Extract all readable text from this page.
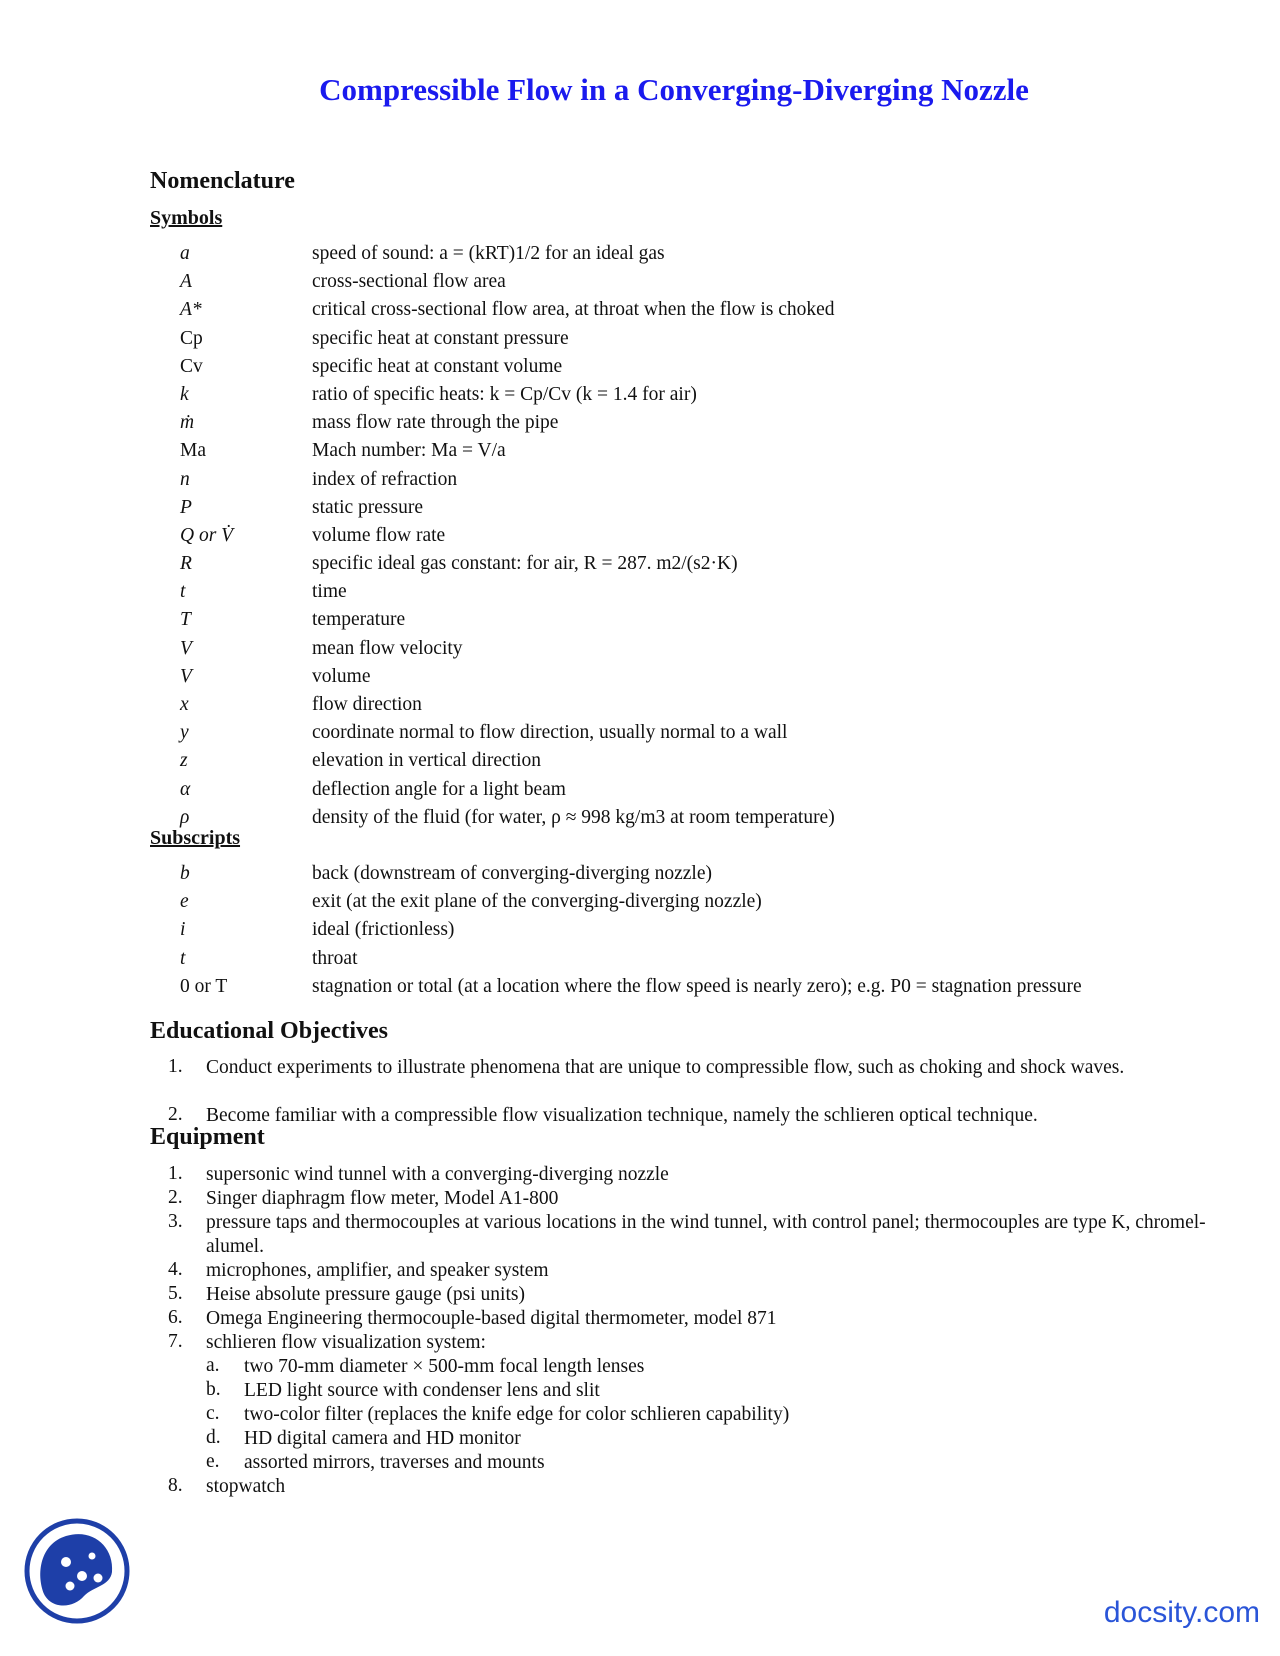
Compressible Flow in a Converging-Diverging Nozzle
Nomenclature
Symbols
a	speed of sound: a = (kRT)1/2 for an ideal gas
A	cross-sectional flow area
A*	critical cross-sectional flow area, at throat when the flow is choked
Cp	specific heat at constant pressure
Cv	specific heat at constant volume
k	ratio of specific heats: k = Cp/Cv (k = 1.4 for air)
ṁ	mass flow rate through the pipe
Ma	Mach number: Ma = V/a
n	index of refraction
P	static pressure
Q or V̇	volume flow rate
R	specific ideal gas constant: for air, R = 287. m2/(s2·K)
t	time
T	temperature
V	mean flow velocity
V	volume
x	flow direction
y	coordinate normal to flow direction, usually normal to a wall
z	elevation in vertical direction
α	deflection angle for a light beam
ρ	density of the fluid (for water, ρ ≈ 998 kg/m3 at room temperature)
Subscripts
b	back (downstream of converging-diverging nozzle)
e	exit (at the exit plane of the converging-diverging nozzle)
i	ideal (frictionless)
t	throat
0 or T	stagnation or total (at a location where the flow speed is nearly zero); e.g. P0 = stagnation pressure
Educational Objectives
1. Conduct experiments to illustrate phenomena that are unique to compressible flow, such as choking and shock waves.
2. Become familiar with a compressible flow visualization technique, namely the schlieren optical technique.
Equipment
1. supersonic wind tunnel with a converging-diverging nozzle
2. Singer diaphragm flow meter, Model A1-800
3. pressure taps and thermocouples at various locations in the wind tunnel, with control panel; thermocouples are type K, chromel-alumel.
4. microphones, amplifier, and speaker system
5. Heise absolute pressure gauge (psi units)
6. Omega Engineering thermocouple-based digital thermometer, model 871
7. schlieren flow visualization system:
a. two 70-mm diameter × 500-mm focal length lenses
b. LED light source with condenser lens and slit
c. two-color filter (replaces the knife edge for color schlieren capability)
d. HD digital camera and HD monitor
e. assorted mirrors, traverses and mounts
8. stopwatch
docsity.com
